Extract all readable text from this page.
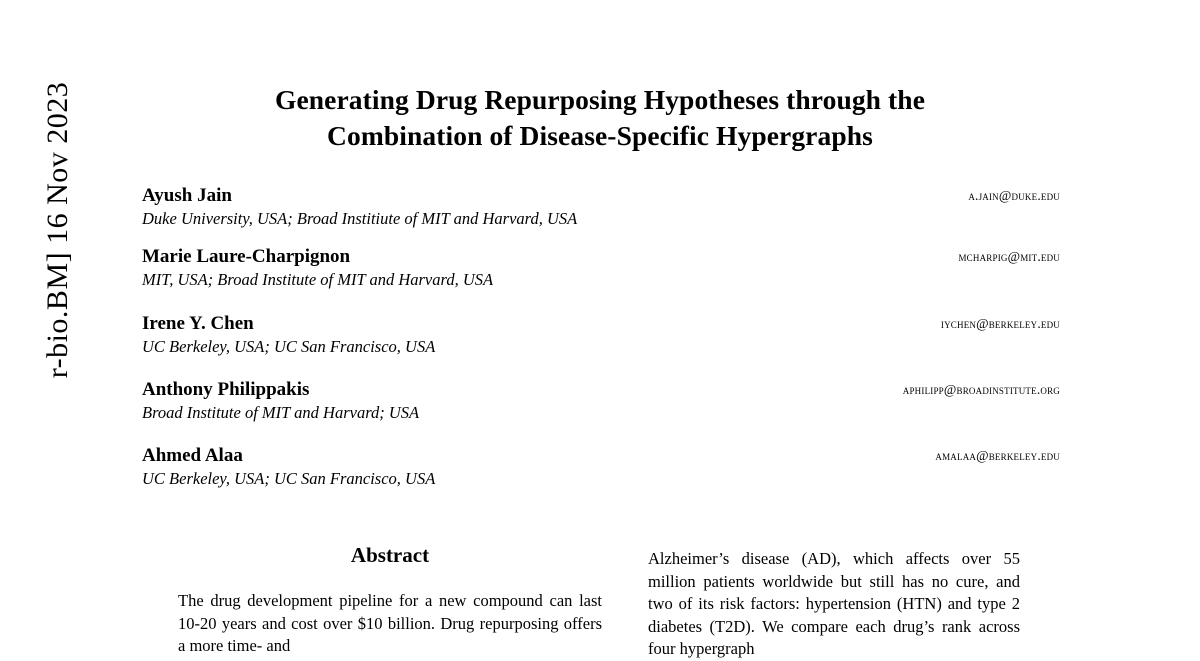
r-bio.BM] 16 Nov 2023	Generating Drug Repurposing Hypotheses through the
Combination of Disease-Specific Hypergraphs
Ayush Jain
Duke University, USA; Broad Institiute of MIT and Harvard, USA
a.jain@duke.edu
Marie Laure-Charpignon
MIT, USA; Broad Institute of MIT and Harvard, USA
mcharpig@mit.edu
Irene Y. Chen
UC Berkeley, USA; UC San Francisco, USA
iychen@berkeley.edu
Anthony Philippakis
Broad Institute of MIT and Harvard; USA
aphilipp@broadinstitute.org
Ahmed Alaa
UC Berkeley, USA; UC San Francisco, USA
amalaa@berkeley.edu
Abstract
The drug development pipeline for a new compound can last 10-20 years and cost over $10 billion. Drug repurposing offers a more time- and
Alzheimer’s disease (AD), which affects over 55 million patients worldwide but still has no cure, and two of its risk factors: hypertension (HTN) and type 2 diabetes (T2D). We compare each drug’s rank across four hypergraph
